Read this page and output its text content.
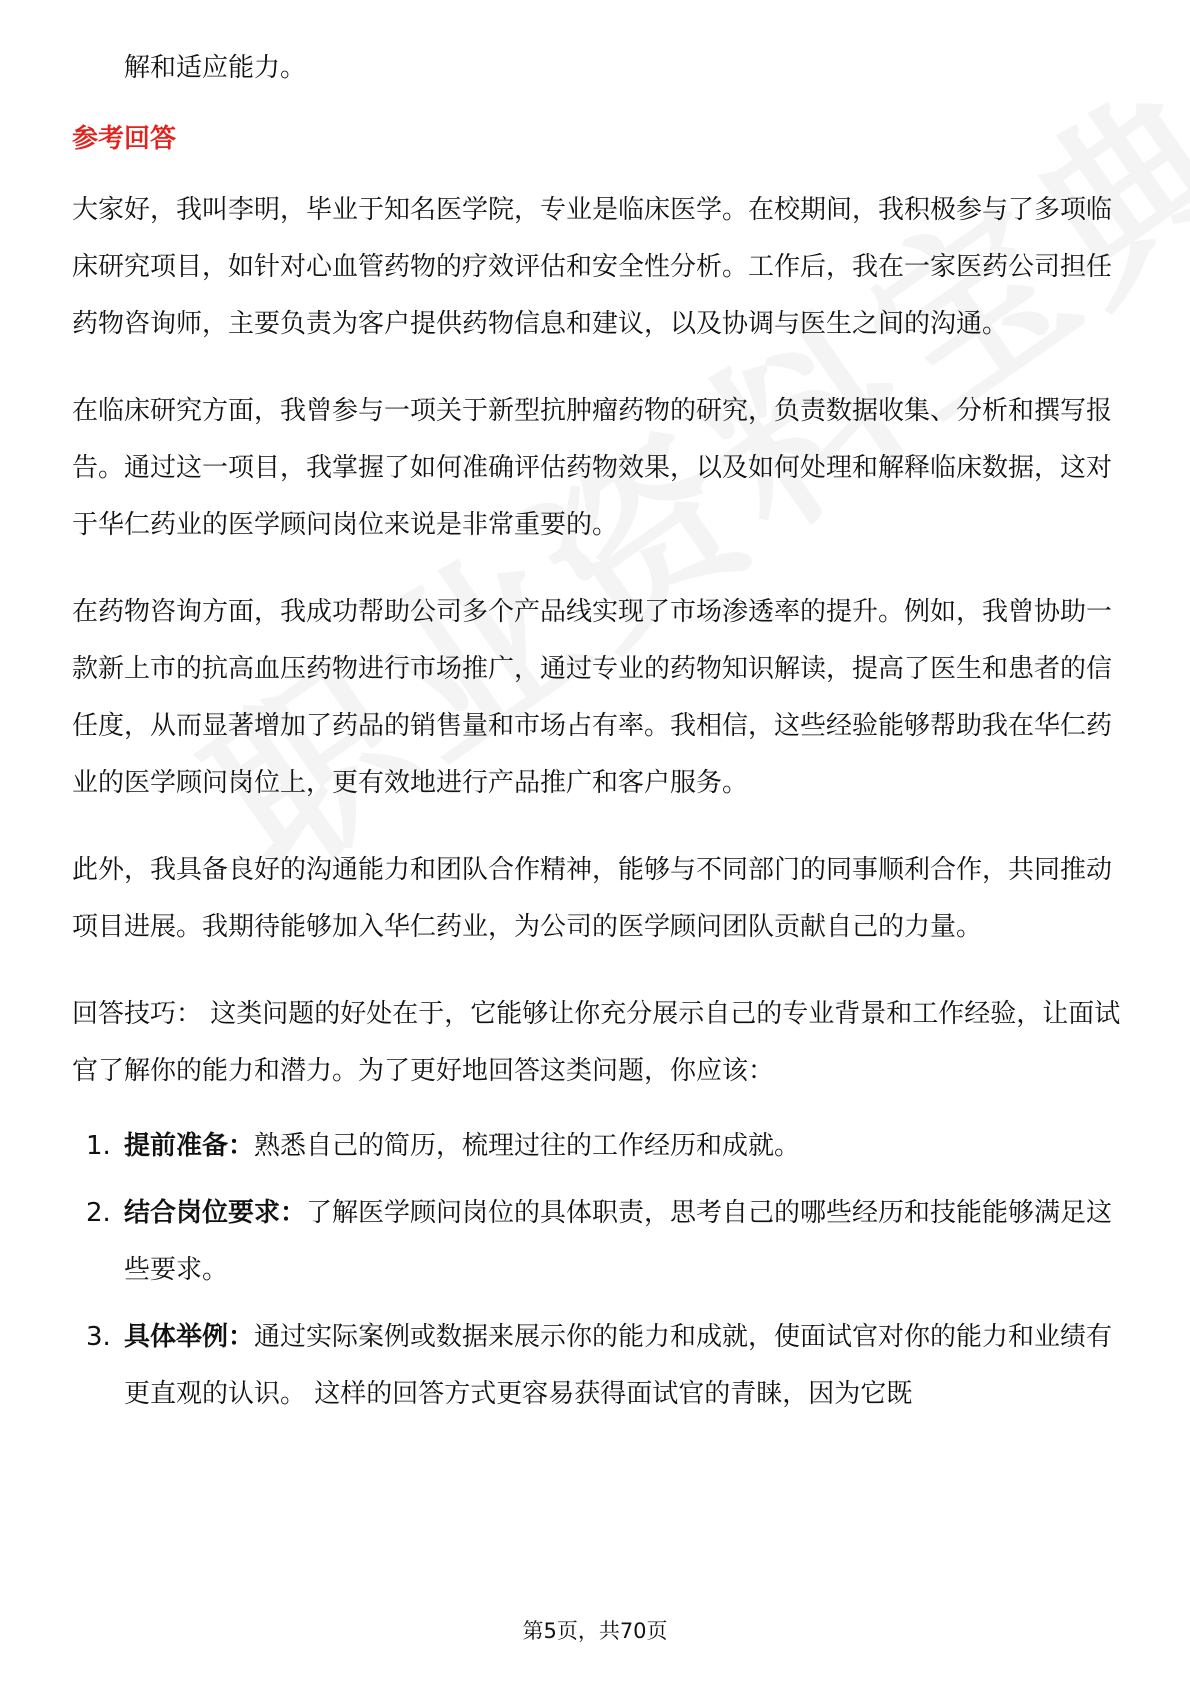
解和适应能力。

参考回答

大家好，我叫李明，毕业于知名医学院，专业是临床医学。在校期间，我积极参与了多项临床研究项目，如针对心血管药物的疗效评估和安全性分析。工作后，我在一家医药公司担任药物咨询师，主要负责为客户提供药物信息和建议，以及协调与医生之间的沟通。

在临床研究方面，我曾参与一项关于新型抗肿瘤药物的研究，负责数据收集、分析和撰写报告。通过这一项目，我掌握了如何准确评估药物效果，以及如何处理和解释临床数据，这对于华仁药业的医学顾问岗位来说是非常重要的。

在药物咨询方面，我成功帮助公司多个产品线实现了市场渗透率的提升。例如，我曾协助一款新上市的抗高血压药物进行市场推广，通过专业的药物知识解读，提高了医生和患者的信任度，从而显著增加了药品的销售量和市场占有率。我相信，这些经验能够帮助我在华仁药业的医学顾问岗位上，更有效地进行产品推广和客户服务。

此外，我具备良好的沟通能力和团队合作精神，能够与不同部门的同事顺利合作，共同推动项目进展。我期待能够加入华仁药业，为公司的医学顾问团队贡献自己的力量。

回答技巧： 这类问题的好处在于，它能够让你充分展示自己的专业背景和工作经验，让面试官了解你的能力和潜力。为了更好地回答这类问题，你应该：

1. 提前准备：熟悉自己的简历，梳理过往的工作经历和成就。
2. 结合岗位要求：了解医学顾问岗位的具体职责，思考自己的哪些经历和技能能够满足这些要求。
3. 具体举例：通过实际案例或数据来展示你的能力和成就，使面试官对你的能力和业绩有更直观的认识。 这样的回答方式更容易获得面试官的青睐，因为它既
第5页，共70页
